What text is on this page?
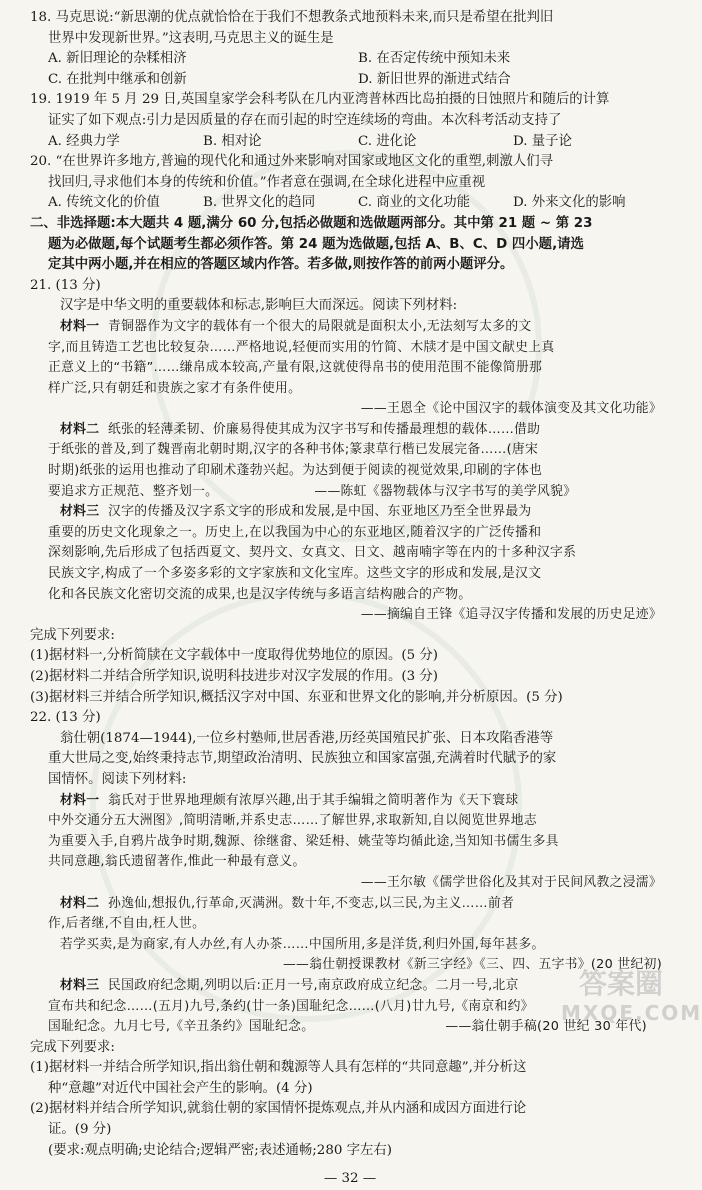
18. 马克思说:“新思潮的优点就恰恰在于我们不想教条式地预料未来,而只是希望在批判旧
世界中发现新世界。”这表明,马克思主义的诞生是
A. 新旧理论的杂糅相济	B. 在否定传统中预知未来
C. 在批判中继承和创新	D. 新旧世界的渐进式结合
19. 1919 年 5 月 29 日,英国皇家学会科考队在几内亚湾普林西比岛拍摄的日蚀照片和随后的计算
证实了如下观点:引力是因质量的存在而引起的时空连续场的弯曲。本次科考活动支持了
A. 经典力学	B. 相对论	C. 进化论	D. 量子论
20. “在世界许多地方,普遍的现代化和通过外来影响对国家或地区文化的重塑,刺激人们寻
找回归,寻求他们本身的传统和价值。”作者意在强调,在全球化进程中应重视
A. 传统文化的价值	B. 世界文化的趋同	C. 商业的文化功能	D. 外来文化的影响
二、非选择题:本大题共 4 题,满分 60 分,包括必做题和选做题两部分。其中第 21 题 ~ 第 23
题为必做题,每个试题考生都必须作答。第 24 题为选做题,包括 A、B、C、D 四小题,请选
定其中两小题,并在相应的答题区域内作答。若多做,则按作答的前两小题评分。
21. (13 分)
汉字是中华文明的重要载体和标志,影响巨大而深远。阅读下列材料:
材料一 青铜器作为文字的载体有一个很大的局限就是面积太小,无法刻写太多的文
字,而且铸造工艺也比较复杂……严格地说,轻便而实用的竹简、木牍才是中国文献史上真
正意义上的“书籍”……缣帛成本较高,产量有限,这就使得帛书的使用范围不能像简册那
样广泛,只有朝廷和贵族之家才有条件使用。
——王恩全《论中国汉字的载体演变及其文化功能》
材料二 纸张的轻薄柔韧、价廉易得使其成为汉字书写和传播最理想的载体……借助
于纸张的普及,到了魏晋南北朝时期,汉字的各种书体;篆隶草行楷已发展完备……(唐宋
时期)纸张的运用也推动了印刷术蓬勃兴起。为达到便于阅读的视觉效果,印刷的字体也
要追求方正规范、整齐划一。	——陈虹《器物载体与汉字书写的美学风貌》
材料三 汉字的传播及汉字系文字的形成和发展,是中国、东亚地区乃至全世界最为
重要的历史文化现象之一。历史上,在以我国为中心的东亚地区,随着汉字的广泛传播和
深刻影响,先后形成了包括西夏文、契丹文、女真文、日文、越南喃字等在内的十多种汉字系
民族文字,构成了一个多姿多彩的文字家族和文化宝库。这些文字的形成和发展,是汉文
化和各民族文化密切交流的成果,也是汉字传统与多语言结构融合的产物。
——摘编自王锋《追寻汉字传播和发展的历史足迹》
完成下列要求:
(1)据材料一,分析简牍在文字载体中一度取得优势地位的原因。(5 分)
(2)据材料二并结合所学知识,说明科技进步对汉字发展的作用。(3 分)
(3)据材料三并结合所学知识,概括汉字对中国、东亚和世界文化的影响,并分析原因。(5 分)
22. (13 分)
翁仕朝(1874—1944),一位乡村塾师,世居香港,历经英国殖民扩张、日本攻陷香港等
重大世局之变,始终秉持志节,期望政治清明、民族独立和国家富强,充满着时代賦予的家
国情怀。阅读下列材料:
材料一 翁氏对于世界地理颇有浓厚兴趣,出于其手编辑之简明著作为《天下寰球
中外交通分五大洲图》,简明清晰,并系史志……了解世界,求取新知,自以阅览世界地志
为重要入手,自鸦片战争时期,魏源、徐继畬、梁廷枏、姚莹等均循此途,当知知书儒生多具
共同意趣,翁氏遗留著作,惟此一种最有意义。
——王尔敏《儒学世俗化及其对于民间风教之浸濡》
材料二 孙逸仙,想报仇,行革命,灭满洲。数十年,不变志,以三民,为主义……前者
作,后者继,不自由,枉人世。
若学买卖,是为商家,有人办丝,有人办茶……中国所用,多是洋货,利归外国,每年甚多。
——翁仕朝授课教材《新三字经》《三、四、五字书》(20 世纪初)
材料三 民国政府纪念期,列明以后:正月一号,南京政府成立纪念。二月一号,北京
宣布共和纪念……(五月)九号,条约(廿一条)国耻纪念……(八月)廿九号,《南京和约》
国耻纪念。九月七号,《辛丑条约》国耻纪念。	——翁仕朝手稿(20 世纪 30 年代)
完成下列要求:
(1)据材料一并结合所学知识,指出翁仕朝和魏源等人具有怎样的“共同意趣”,并分析这
种“意趣”对近代中国社会产生的影响。(4 分)
(2)据材料并结合所学知识,就翁仕朝的家国情怀提炼观点,并从内涵和成因方面进行论
证。(9 分)
(要求:观点明确;史论结合;逻辑严密;表述通畅;280 字左右)
— 32 —
答案圈
MXQE.COM
